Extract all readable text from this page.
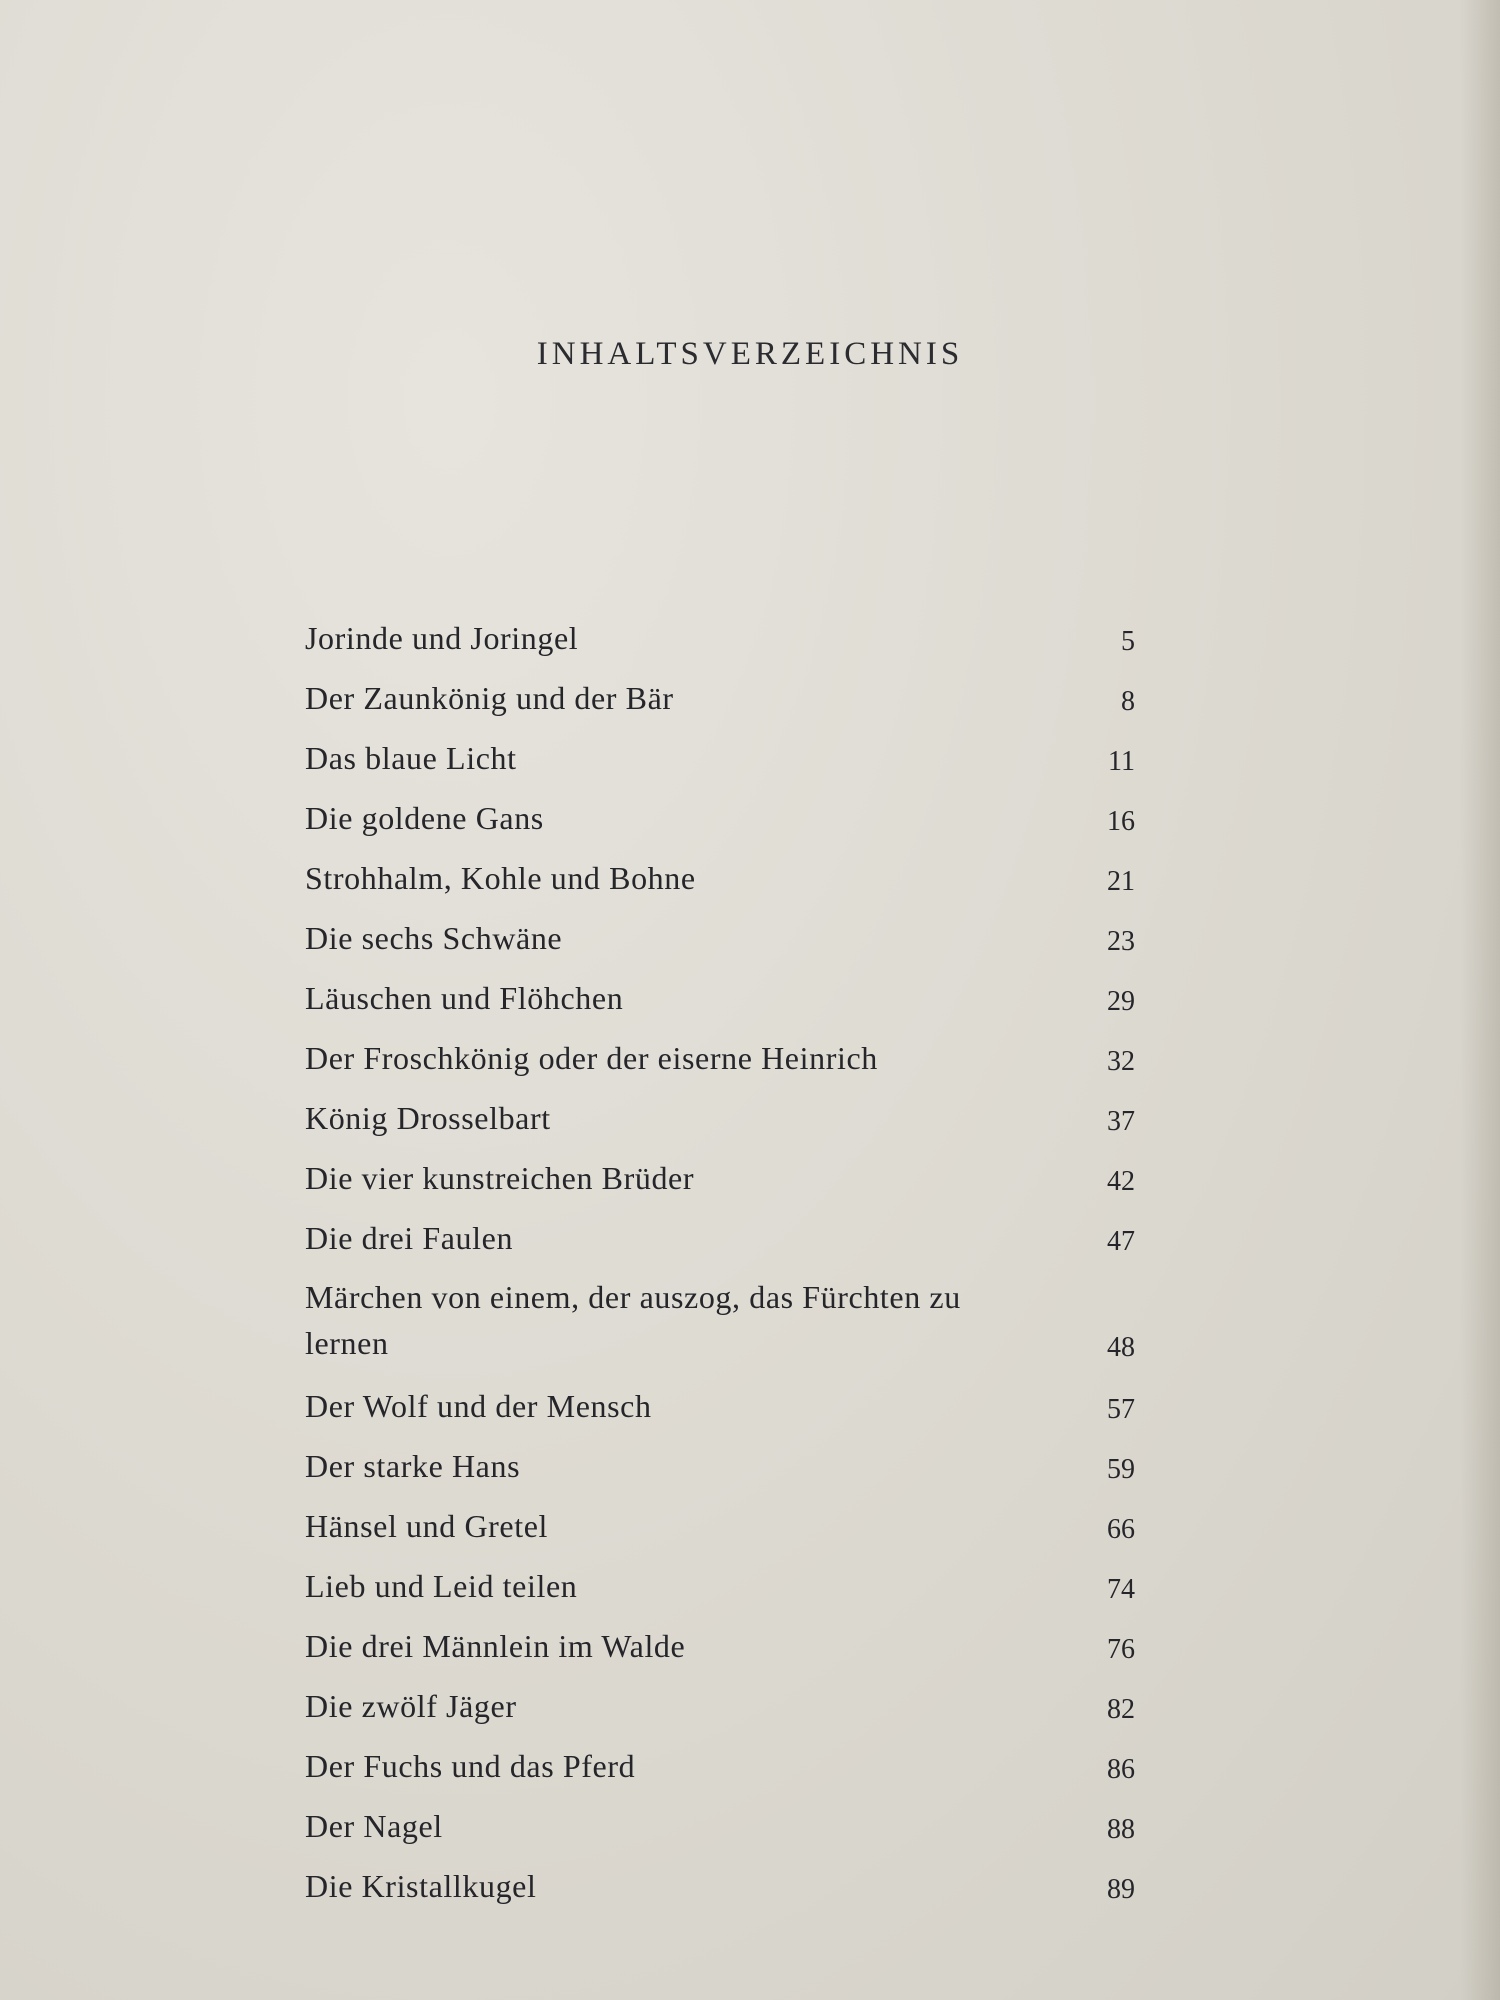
INHALTSVERZEICHNIS
Jorinde und Joringel	5
Der Zaunkönig und der Bär	8
Das blaue Licht	11
Die goldene Gans	16
Strohhalm, Kohle und Bohne	21
Die sechs Schwäne	23
Läuschen und Flöhchen	29
Der Froschkönig oder der eiserne Heinrich	32
König Drosselbart	37
Die vier kunstreichen Brüder	42
Die drei Faulen	47
Märchen von einem, der auszog, das Fürchten zu lernen	48
Der Wolf und der Mensch	57
Der starke Hans	59
Hänsel und Gretel	66
Lieb und Leid teilen	74
Die drei Männlein im Walde	76
Die zwölf Jäger	82
Der Fuchs und das Pferd	86
Der Nagel	88
Die Kristallkugel	89
